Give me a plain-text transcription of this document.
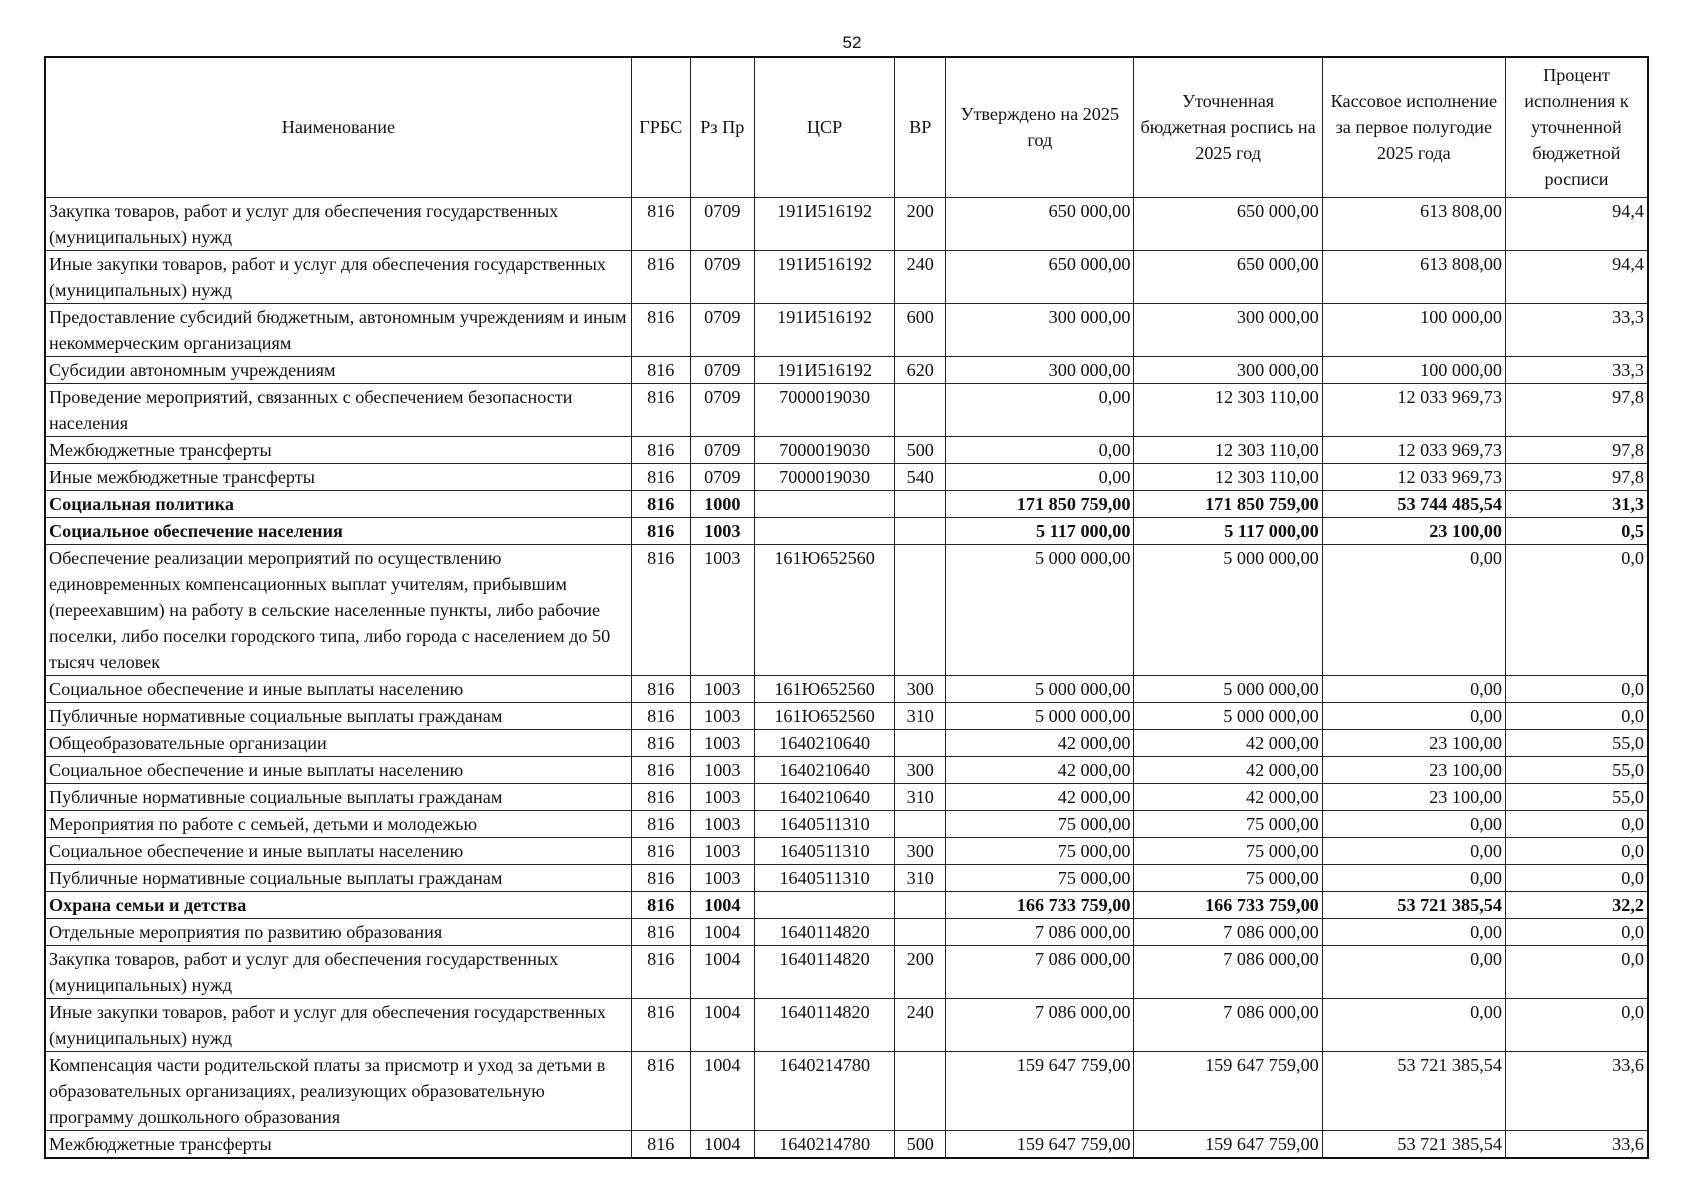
52
Наименование	ГРБС	Рз Пр	ЦСР	ВР	Утверждено на 2025 год	Уточненная бюджетная роспись на 2025 год	Кассовое исполнение за первое полугодие 2025 года	Процент исполнения к уточненной бюджетной росписи
Закупка товаров, работ и услуг для обеспечения государственных (муниципальных) нужд	816	0709	191И516192	200	650 000,00	650 000,00	613 808,00	94,4
Иные закупки товаров, работ и услуг для обеспечения государственных (муниципальных) нужд	816	0709	191И516192	240	650 000,00	650 000,00	613 808,00	94,4
Предоставление субсидий бюджетным, автономным учреждениям и иным некоммерческим организациям	816	0709	191И516192	600	300 000,00	300 000,00	100 000,00	33,3
Субсидии автономным учреждениям	816	0709	191И516192	620	300 000,00	300 000,00	100 000,00	33,3
Проведение мероприятий, связанных с обеспечением безопасности населения	816	0709	7000019030		0,00	12 303 110,00	12 033 969,73	97,8
Межбюджетные трансферты	816	0709	7000019030	500	0,00	12 303 110,00	12 033 969,73	97,8
Иные межбюджетные трансферты	816	0709	7000019030	540	0,00	12 303 110,00	12 033 969,73	97,8
Социальная политика	816	1000			171 850 759,00	171 850 759,00	53 744 485,54	31,3
Социальное обеспечение населения	816	1003			5 117 000,00	5 117 000,00	23 100,00	0,5
Обеспечение реализации мероприятий по осуществлению единовременных компенсационных выплат учителям, прибывшим (переехавшим) на работу в сельские населенные пункты, либо рабочие поселки, либо поселки городского типа, либо города с населением до 50 тысяч человек	816	1003	161Ю652560		5 000 000,00	5 000 000,00	0,00	0,0
Социальное обеспечение и иные выплаты населению	816	1003	161Ю652560	300	5 000 000,00	5 000 000,00	0,00	0,0
Публичные нормативные социальные выплаты гражданам	816	1003	161Ю652560	310	5 000 000,00	5 000 000,00	0,00	0,0
Общеобразовательные организации	816	1003	1640210640		42 000,00	42 000,00	23 100,00	55,0
Социальное обеспечение и иные выплаты населению	816	1003	1640210640	300	42 000,00	42 000,00	23 100,00	55,0
Публичные нормативные социальные выплаты гражданам	816	1003	1640210640	310	42 000,00	42 000,00	23 100,00	55,0
Мероприятия по работе с семьей, детьми и молодежью	816	1003	1640511310		75 000,00	75 000,00	0,00	0,0
Социальное обеспечение и иные выплаты населению	816	1003	1640511310	300	75 000,00	75 000,00	0,00	0,0
Публичные нормативные социальные выплаты гражданам	816	1003	1640511310	310	75 000,00	75 000,00	0,00	0,0
Охрана семьи и детства	816	1004			166 733 759,00	166 733 759,00	53 721 385,54	32,2
Отдельные мероприятия по развитию образования	816	1004	1640114820		7 086 000,00	7 086 000,00	0,00	0,0
Закупка товаров, работ и услуг для обеспечения государственных (муниципальных) нужд	816	1004	1640114820	200	7 086 000,00	7 086 000,00	0,00	0,0
Иные закупки товаров, работ и услуг для обеспечения государственных (муниципальных) нужд	816	1004	1640114820	240	7 086 000,00	7 086 000,00	0,00	0,0
Компенсация части родительской платы за присмотр и уход за детьми в образовательных организациях, реализующих образовательную программу дошкольного образования	816	1004	1640214780		159 647 759,00	159 647 759,00	53 721 385,54	33,6
Межбюджетные трансферты	816	1004	1640214780	500	159 647 759,00	159 647 759,00	53 721 385,54	33,6
